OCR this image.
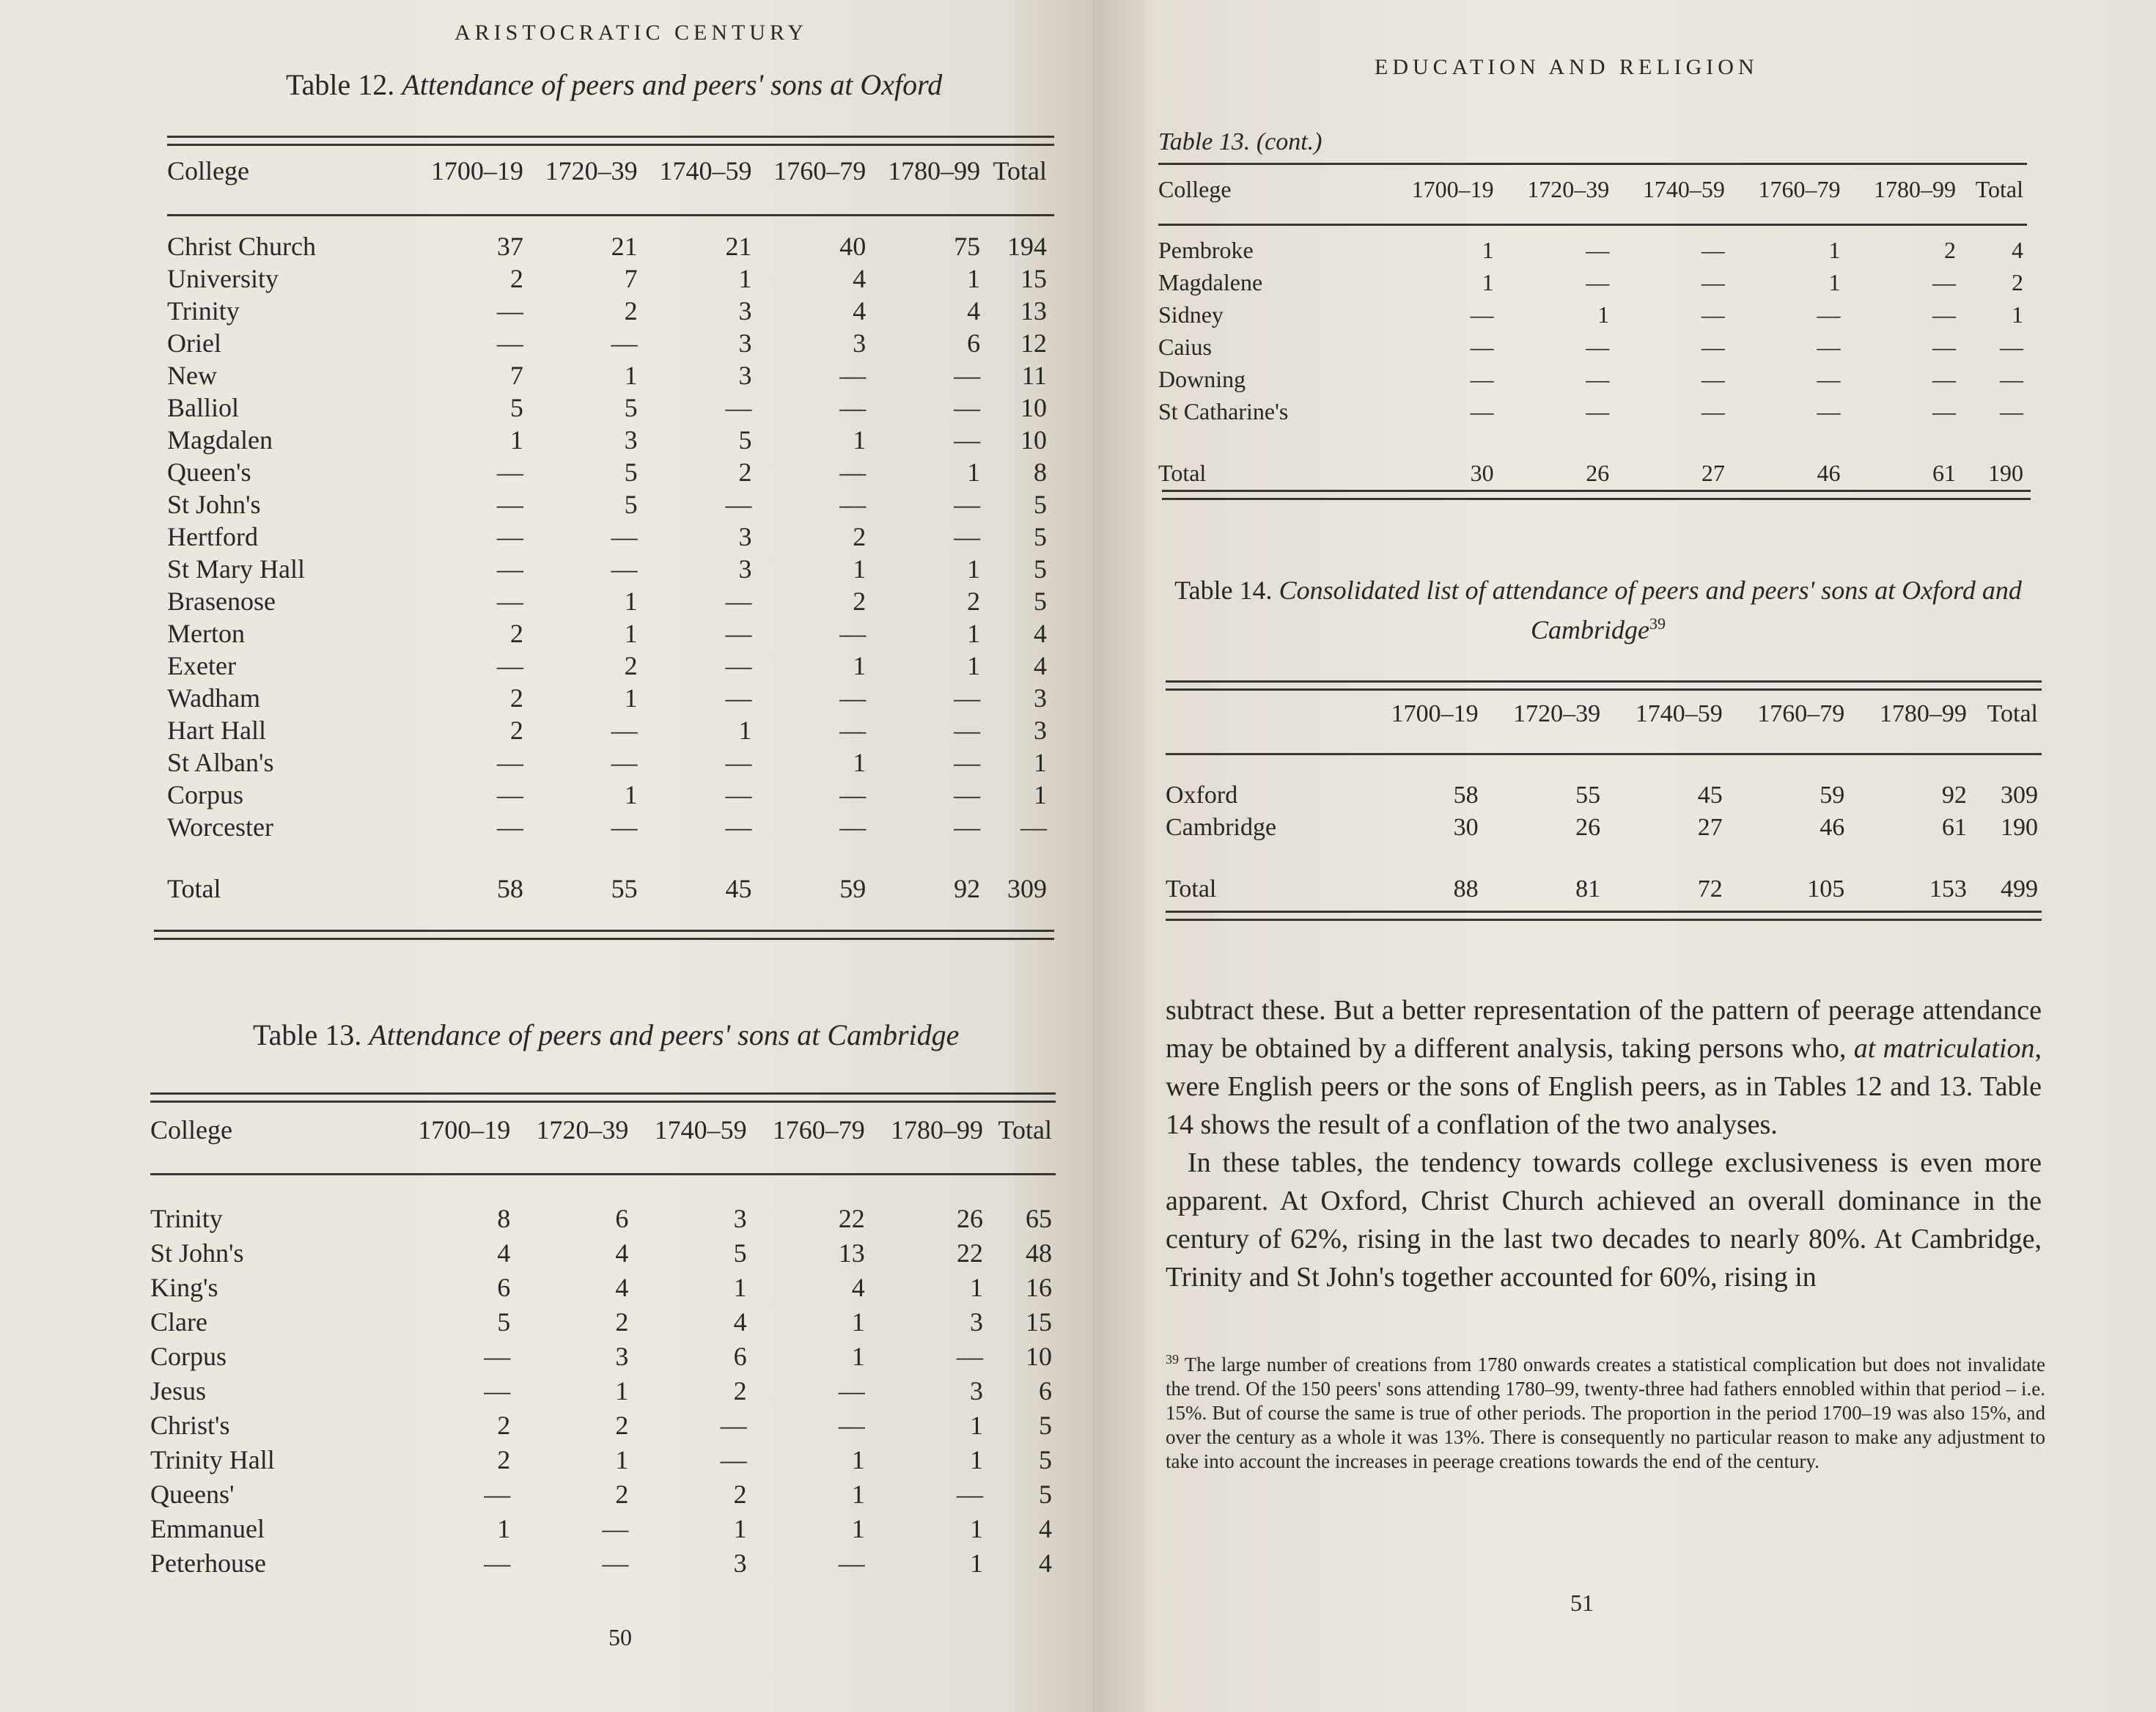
ARISTOCRATIC CENTURY
Table 12. Attendance of peers and peers' sons at Oxford
College	1700–19	1720–39	1740–59	1760–79	1780–99	Total

Christ Church	37	21	21	40	75	194
University	2	7	1	4	1	15
Trinity	—	2	3	4	4	13
Oriel	—	—	3	3	6	12
New	7	1	3	—	—	11
Balliol	5	5	—	—	—	10
Magdalen	1	3	5	1	—	10
Queen's	—	5	2	—	1	8
St John's	—	5	—	—	—	5
Hertford	—	—	3	2	—	5
St Mary Hall	—	—	3	1	1	5
Brasenose	—	1	—	2	2	5
Merton	2	1	—	—	1	4
Exeter	—	2	—	1	1	4
Wadham	2	1	—	—	—	3
Hart Hall	2	—	1	—	—	3
St Alban's	—	—	—	1	—	1
Corpus	—	1	—	—	—	1
Worcester	—	—	—	—	—	—
Total	58	55	45	59	92	309
Table 13. Attendance of peers and peers' sons at Cambridge
College	1700–19	1720–39	1740–59	1760–79	1780–99	Total

Trinity	8	6	3	22	26	65
St John's	4	4	5	13	22	48
King's	6	4	1	4	1	16
Clare	5	2	4	1	3	15
Corpus	—	3	6	1	—	10
Jesus	—	1	2	—	3	6
Christ's	2	2	—	—	1	5
Trinity Hall	2	1	—	1	1	5
Queens'	—	2	2	1	—	5
Emmanuel	1	—	1	1	1	4
Peterhouse	—	—	3	—	1	4
50
EDUCATION AND RELIGION
Table 13. (cont.)
College	1700–19	1720–39	1740–59	1760–79	1780–99	Total

Pembroke	1	—	—	1	2	4
Magdalene	1	—	—	1	—	2
Sidney	—	1	—	—	—	1
Caius	—	—	—	—	—	—
Downing	—	—	—	—	—	—
St Catharine's	—	—	—	—	—	—
Total	30	26	27	46	61	190
Table 14. Consolidated list of attendance of peers and peers' sons at Oxford and Cambridge$^{39}$
	1700–19	1720–39	1740–59	1760–79	1780–99	Total

Oxford	58	55	45	59	92	309
Cambridge	30	26	27	46	61	190
Total	88	81	72	105	153	499

subtract these. But a better representation of the pattern of peerage attendance may be obtained by a different analysis, taking persons who, at matriculation, were English peers or the sons of English peers, as in Tables 12 and 13. Table 14 shows the result of a conflation of the two analyses.

In these tables, the tendency towards college exclusiveness is even more apparent. At Oxford, Christ Church achieved an overall dominance in the century of 62%, rising in the last two decades to nearly 80%. At Cambridge, Trinity and St John's together accounted for 60%, rising in

$^{39}$ The large number of creations from 1780 onwards creates a statistical complication but does not invalidate the trend. Of the 150 peers' sons attending 1780–99, twenty-three had fathers ennobled within that period – i.e. 15%. But of course the same is true of other periods. The proportion in the period 1700–19 was also 15%, and over the century as a whole it was 13%. There is consequently no particular reason to make any adjustment to take into account the increases in peerage creations towards the end of the century.
51
